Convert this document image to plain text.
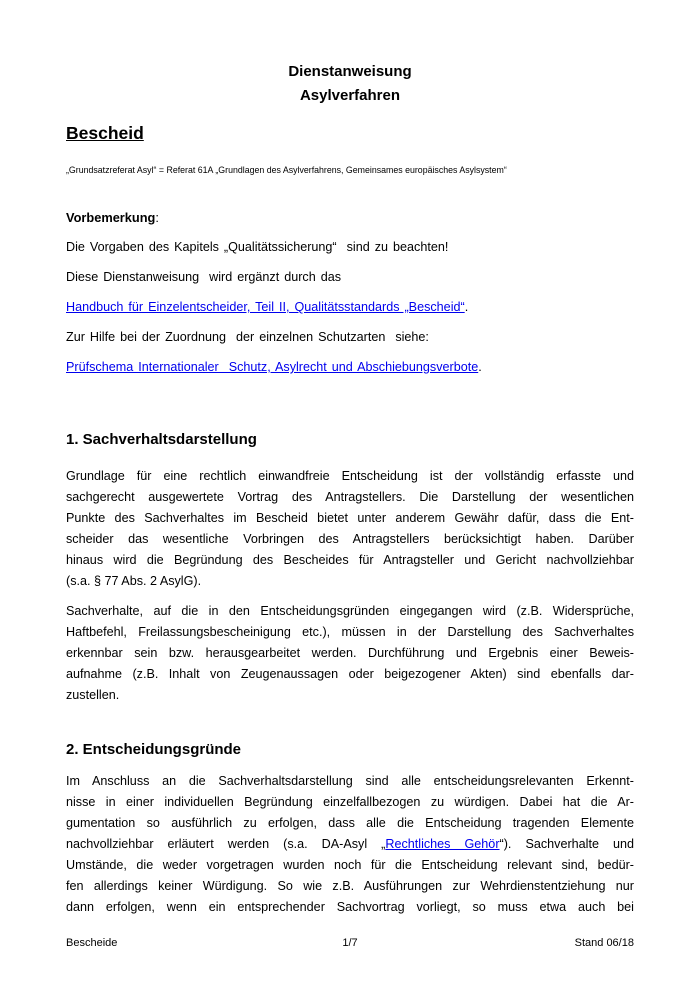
Dienstanweisung
Asylverfahren
Bescheid
„Grundsatzreferat Asyl“ = Referat 61A „Grundlagen des Asylverfahrens, Gemeinsames europäisches Asylsystem“
Vorbemerkung:
Die Vorgaben des Kapitels „Qualitätssicherung“  sind zu beachten!
Diese Dienstanweisung  wird ergänzt durch das
Handbuch für Einzelentscheider, Teil II, Qualitätsstandards „Bescheid“.
Zur Hilfe bei der Zuordnung  der einzelnen Schutzarten  siehe:
Prüfschema Internationaler  Schutz, Asylrecht und Abschiebungsverbote.
1. Sachverhaltsdarstellung
Grundlage für eine rechtlich einwandfreie Entscheidung ist der vollständig erfasste und
sachgerecht ausgewertete Vortrag des Antragstellers. Die Darstellung der wesentlichen
Punkte des Sachverhaltes im Bescheid bietet unter anderem Gewähr dafür, dass die Ent-
scheider das wesentliche Vorbringen des Antragstellers berücksichtigt haben. Darüber
hinaus wird die Begründung des Bescheides für Antragsteller und Gericht nachvollziehbar
(s.a. § 77 Abs. 2 AsylG).
Sachverhalte, auf die in den Entscheidungsgründen eingegangen wird (z.B. Widersprüche,
Haftbefehl, Freilassungsbescheinigung etc.), müssen in der Darstellung des Sachverhaltes
erkennbar sein bzw. herausgearbeitet werden. Durchführung und Ergebnis einer Beweis-
aufnahme (z.B. Inhalt von Zeugenaussagen oder beigezogener Akten) sind ebenfalls dar-
zustellen.
2. Entscheidungsgründe
Im Anschluss an die Sachverhaltsdarstellung sind alle entscheidungsrelevanten Erkennt-
nisse in einer individuellen Begründung einzelfallbezogen zu würdigen. Dabei hat die Ar-
gumentation so ausführlich zu erfolgen, dass alle die Entscheidung tragenden Elemente
nachvollziehbar erläutert werden (s.a. DA-Asyl „Rechtliches Gehör“). Sachverhalte und
Umstände, die weder vorgetragen wurden noch für die Entscheidung relevant sind, bedür-
fen allerdings keiner Würdigung. So wie z.B. Ausführungen zur Wehrdienstentziehung nur
dann erfolgen, wenn ein entsprechender Sachvortrag vorliegt, so muss etwa auch bei
Bescheide	1/7	Stand 06/18
